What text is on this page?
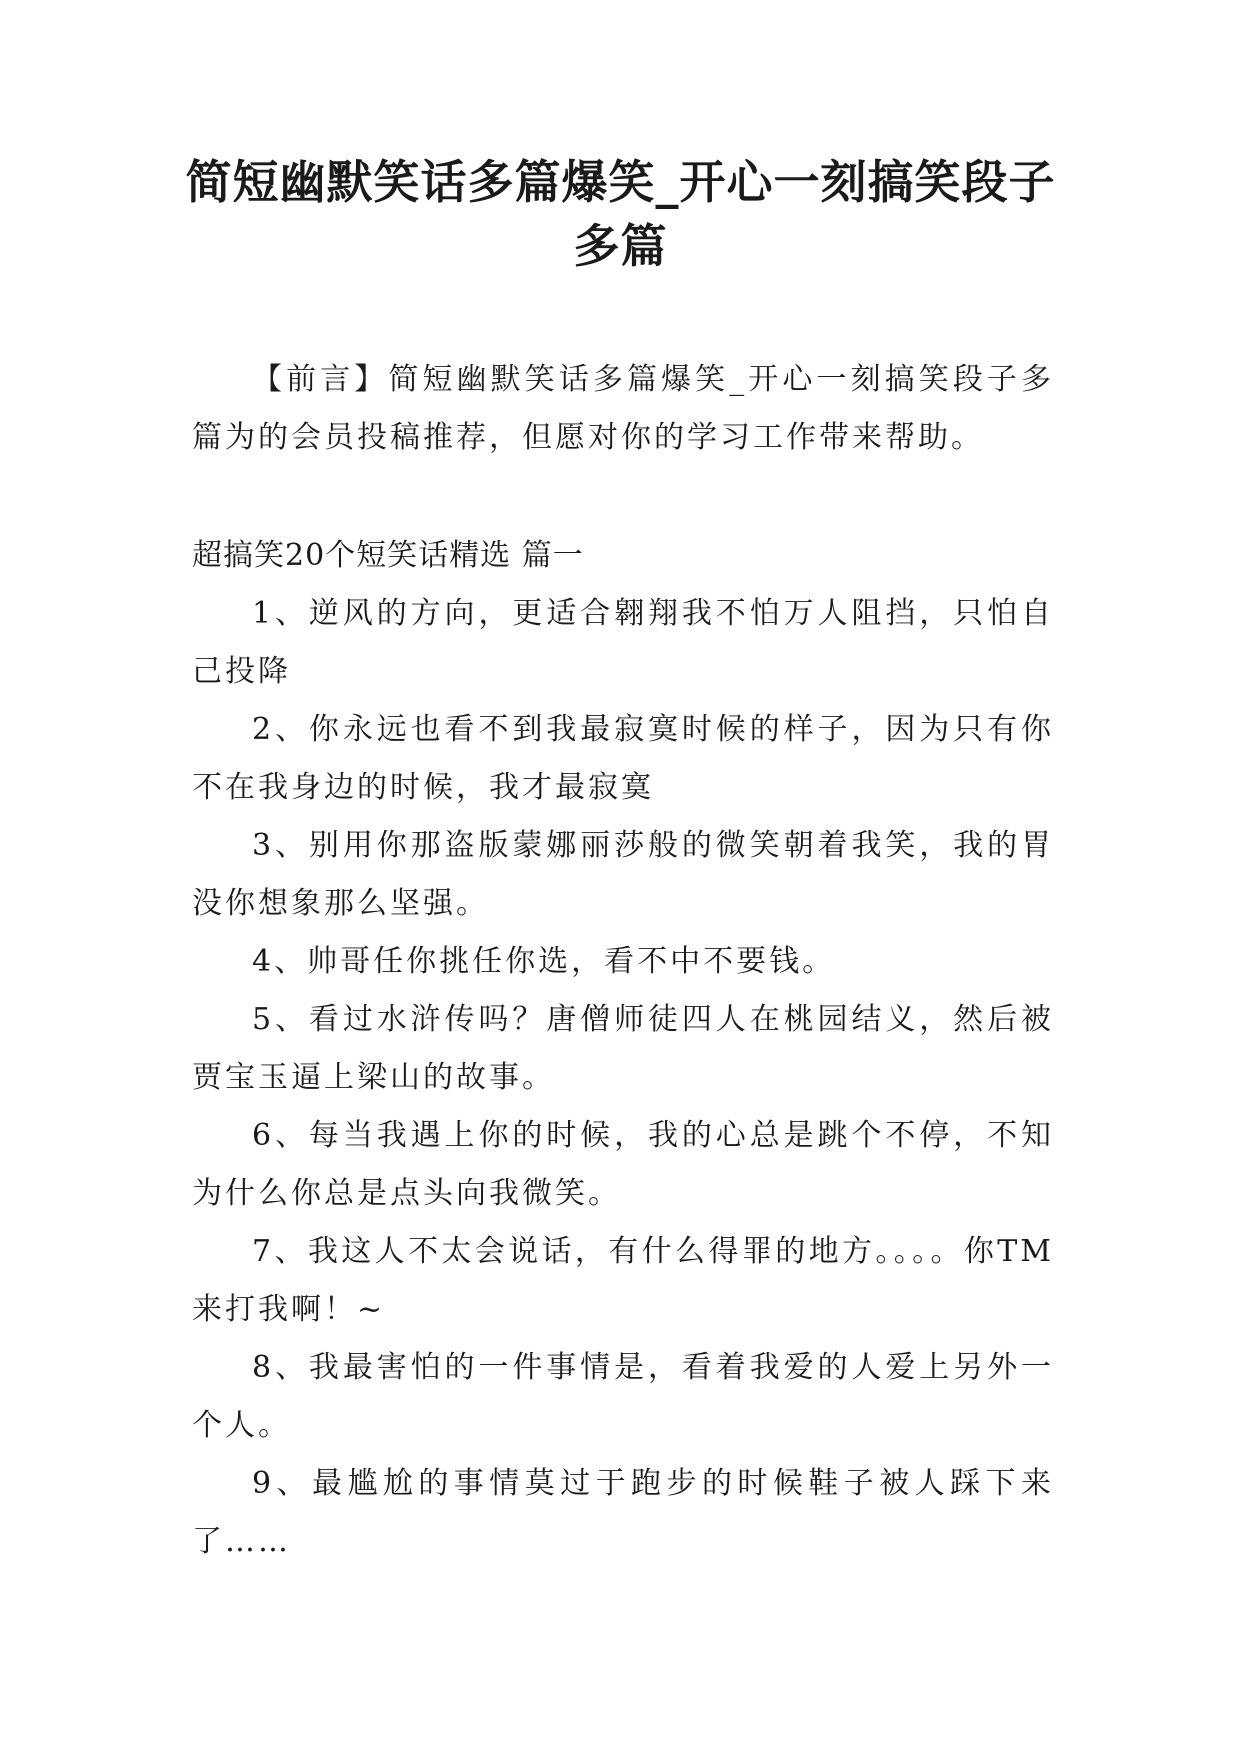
简短幽默笑话多篇爆笑_开心一刻搞笑段子
多篇

【前言】简短幽默笑话多篇爆笑_开心一刻搞笑段子多篇为的会员投稿推荐，但愿对你的学习工作带来帮助。

超搞笑20个短笑话精选 篇一

1、逆风的方向，更适合翱翔我不怕万人阻挡，只怕自己投降

2、你永远也看不到我最寂寞时候的样子，因为只有你不在我身边的时候，我才最寂寞

3、别用你那盗版蒙娜丽莎般的微笑朝着我笑，我的胃没你想象那么坚强。

4、帅哥任你挑任你选，看不中不要钱。

5、看过水浒传吗？唐僧师徒四人在桃园结义，然后被贾宝玉逼上梁山的故事。

6、每当我遇上你的时候，我的心总是跳个不停，不知为什么你总是点头向我微笑。

7、我这人不太会说话，有什么得罪的地方。。。。你TM来打我啊！~

8、我最害怕的一件事情是，看着我爱的人爱上另外一个人。

9、最尴尬的事情莫过于跑步的时候鞋子被人踩下来了……
